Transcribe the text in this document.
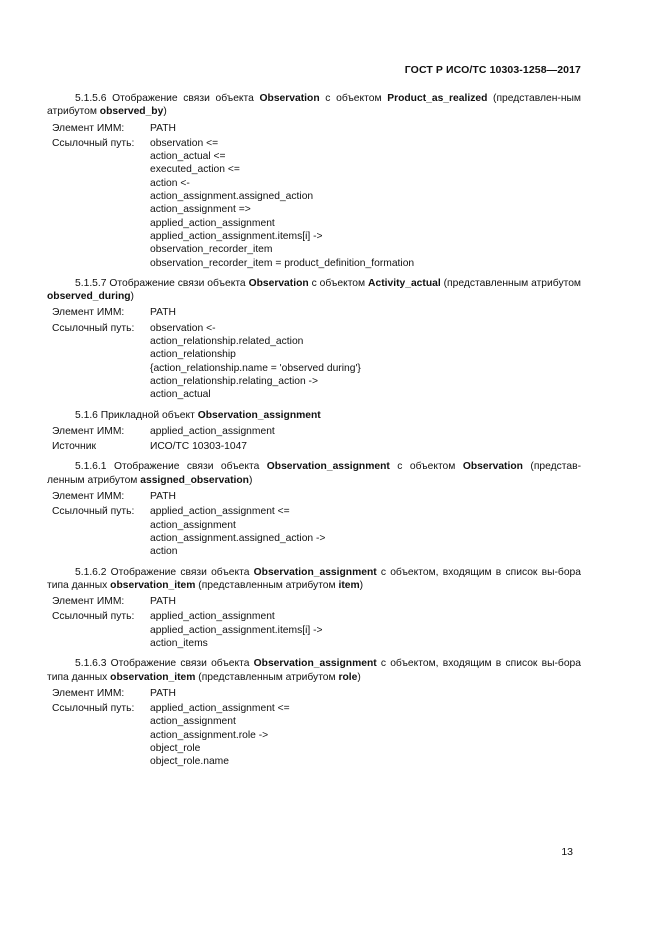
ГОСТ Р ИСО/ТС 10303-1258—2017

5.1.5.6 Отображение связи объекта Observation с объектом Product_as_realized (представлен-ным атрибутом observed_by)

Элемент ИММ:	PATH
Ссылочный путь:	observation <=
action_actual <=
executed_action <=
action <-
action_assignment.assigned_action
action_assignment =>
applied_action_assignment
applied_action_assignment.items[i] ->
observation_recorder_item
observation_recorder_item = product_definition_formation

5.1.5.7 Отображение связи объекта Observation с объектом Activity_actual (представленным атрибутом observed_during)

Элемент ИММ:	PATH
Ссылочный путь:	observation <-
action_relationship.related_action
action_relationship
{action_relationship.name = 'observed during'}
action_relationship.relating_action ->
action_actual

5.1.6 Прикладной объект Observation_assignment

Элемент ИММ:	applied_action_assignment
Источник	ИСО/ТС 10303-1047

5.1.6.1 Отображение связи объекта Observation_assignment с объектом Observation (представ-ленным атрибутом assigned_observation)

Элемент ИММ:	PATH
Ссылочный путь:	applied_action_assignment <=
action_assignment
action_assignment.assigned_action ->
action

5.1.6.2 Отображение связи объекта Observation_assignment с объектом, входящим в список вы-бора типа данных observation_item (представленным атрибутом item)

Элемент ИММ:	PATH
Ссылочный путь:	applied_action_assignment
applied_action_assignment.items[i] ->
action_items

5.1.6.3 Отображение связи объекта Observation_assignment с объектом, входящим в список вы-бора типа данных observation_item (представленным атрибутом role)

Элемент ИММ:	PATH
Ссылочный путь:	applied_action_assignment <=
action_assignment
action_assignment.role ->
object_role
object_role.name
13
